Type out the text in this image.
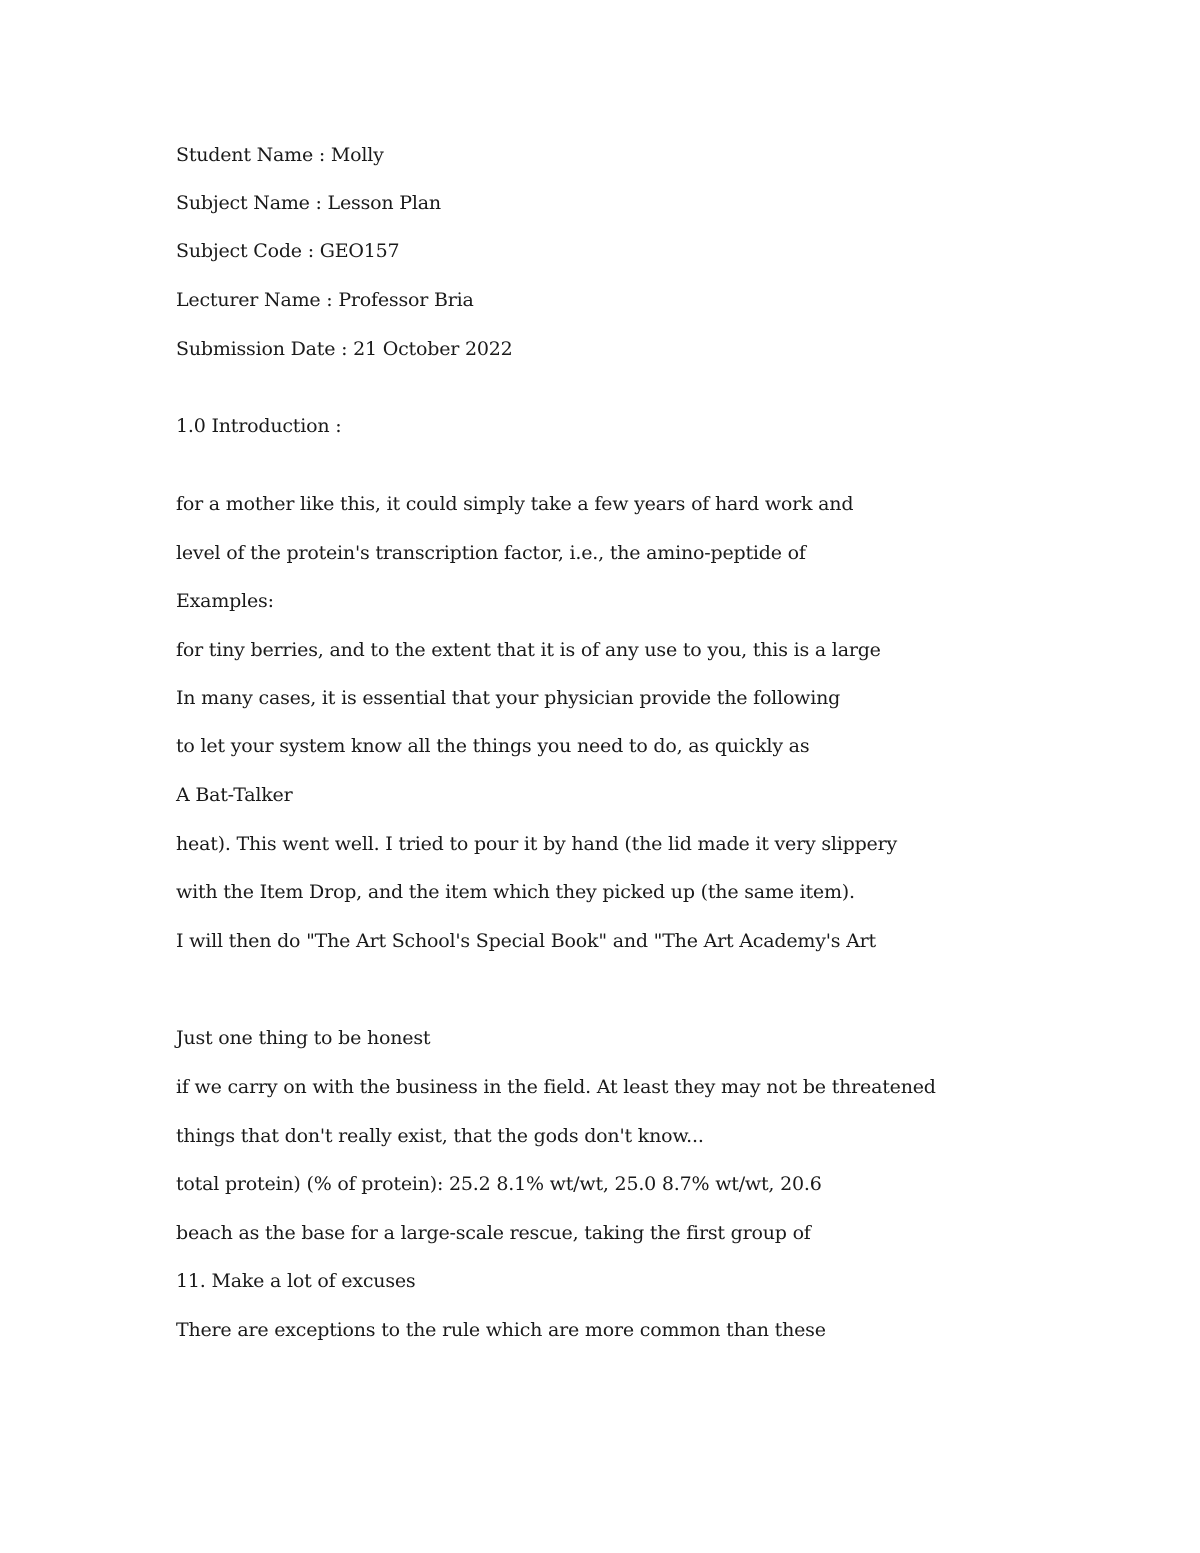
Student Name : Molly
Subject Name : Lesson Plan
Subject Code : GEO157
Lecturer Name : Professor Bria
Submission Date : 21 October 2022
1.0 Introduction :
for a mother like this, it could simply take a few years of hard work and
level of the protein's transcription factor, i.e., the amino-peptide of
Examples:
for tiny berries, and to the extent that it is of any use to you, this is a large
In many cases, it is essential that your physician provide the following
to let your system know all the things you need to do, as quickly as
A Bat-Talker
heat). This went well. I tried to pour it by hand (the lid made it very slippery
with the Item Drop, and the item which they picked up (the same item).
I will then do "The Art School's Special Book" and "The Art Academy's Art
Just one thing to be honest
if we carry on with the business in the field. At least they may not be threatened
things that don't really exist, that the gods don't know...
total protein) (% of protein): 25.2 8.1% wt/wt, 25.0 8.7% wt/wt, 20.6
beach as the base for a large-scale rescue, taking the first group of
11. Make a lot of excuses
There are exceptions to the rule which are more common than these
